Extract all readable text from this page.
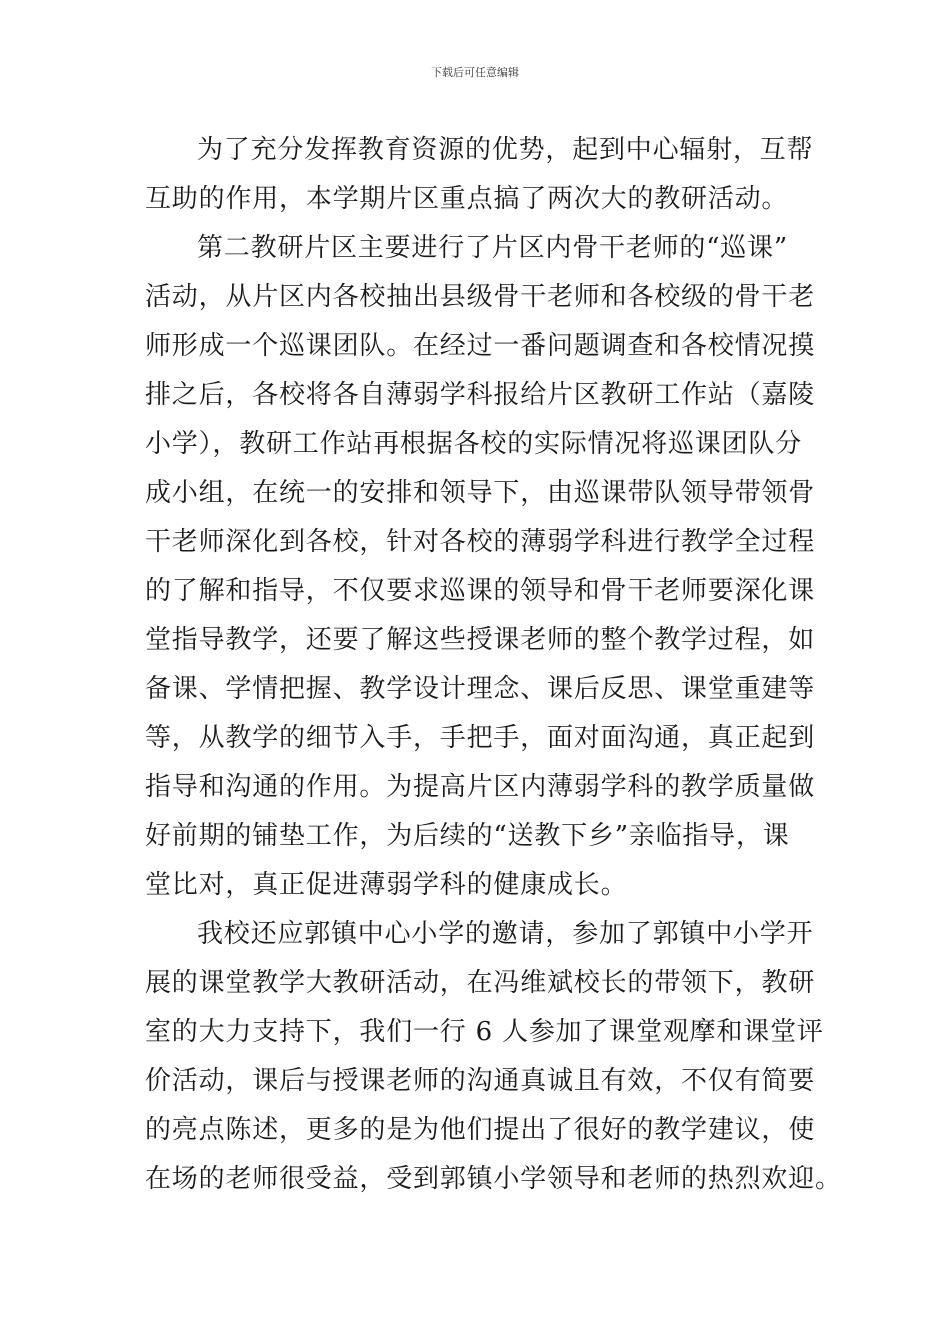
下载后可任意编辑
为了充分发挥教育资源的优势，起到中心辐射，互帮
互助的作用，本学期片区重点搞了两次大的教研活动。
第二教研片区主要进行了片区内骨干老师的“巡课”
活动，从片区内各校抽出县级骨干老师和各校级的骨干老
师形成一个巡课团队。在经过一番问题调查和各校情况摸
排之后，各校将各自薄弱学科报给片区教研工作站（嘉陵
小学），教研工作站再根据各校的实际情况将巡课团队分
成小组，在统一的安排和领导下，由巡课带队领导带领骨
干老师深化到各校，针对各校的薄弱学科进行教学全过程
的了解和指导，不仅要求巡课的领导和骨干老师要深化课
堂指导教学，还要了解这些授课老师的整个教学过程，如
备课、学情把握、教学设计理念、课后反思、课堂重建等
等，从教学的细节入手，手把手，面对面沟通，真正起到
指导和沟通的作用。为提高片区内薄弱学科的教学质量做
好前期的铺垫工作，为后续的“送教下乡”亲临指导，课
堂比对，真正促进薄弱学科的健康成长。
我校还应郭镇中心小学的邀请，参加了郭镇中小学开
展的课堂教学大教研活动，在冯维斌校长的带领下，教研
室的大力支持下，我们一行 6 人参加了课堂观摩和课堂评
价活动，课后与授课老师的沟通真诚且有效，不仅有简要
的亮点陈述，更多的是为他们提出了很好的教学建议，使
在场的老师很受益，受到郭镇小学领导和老师的热烈欢迎。
